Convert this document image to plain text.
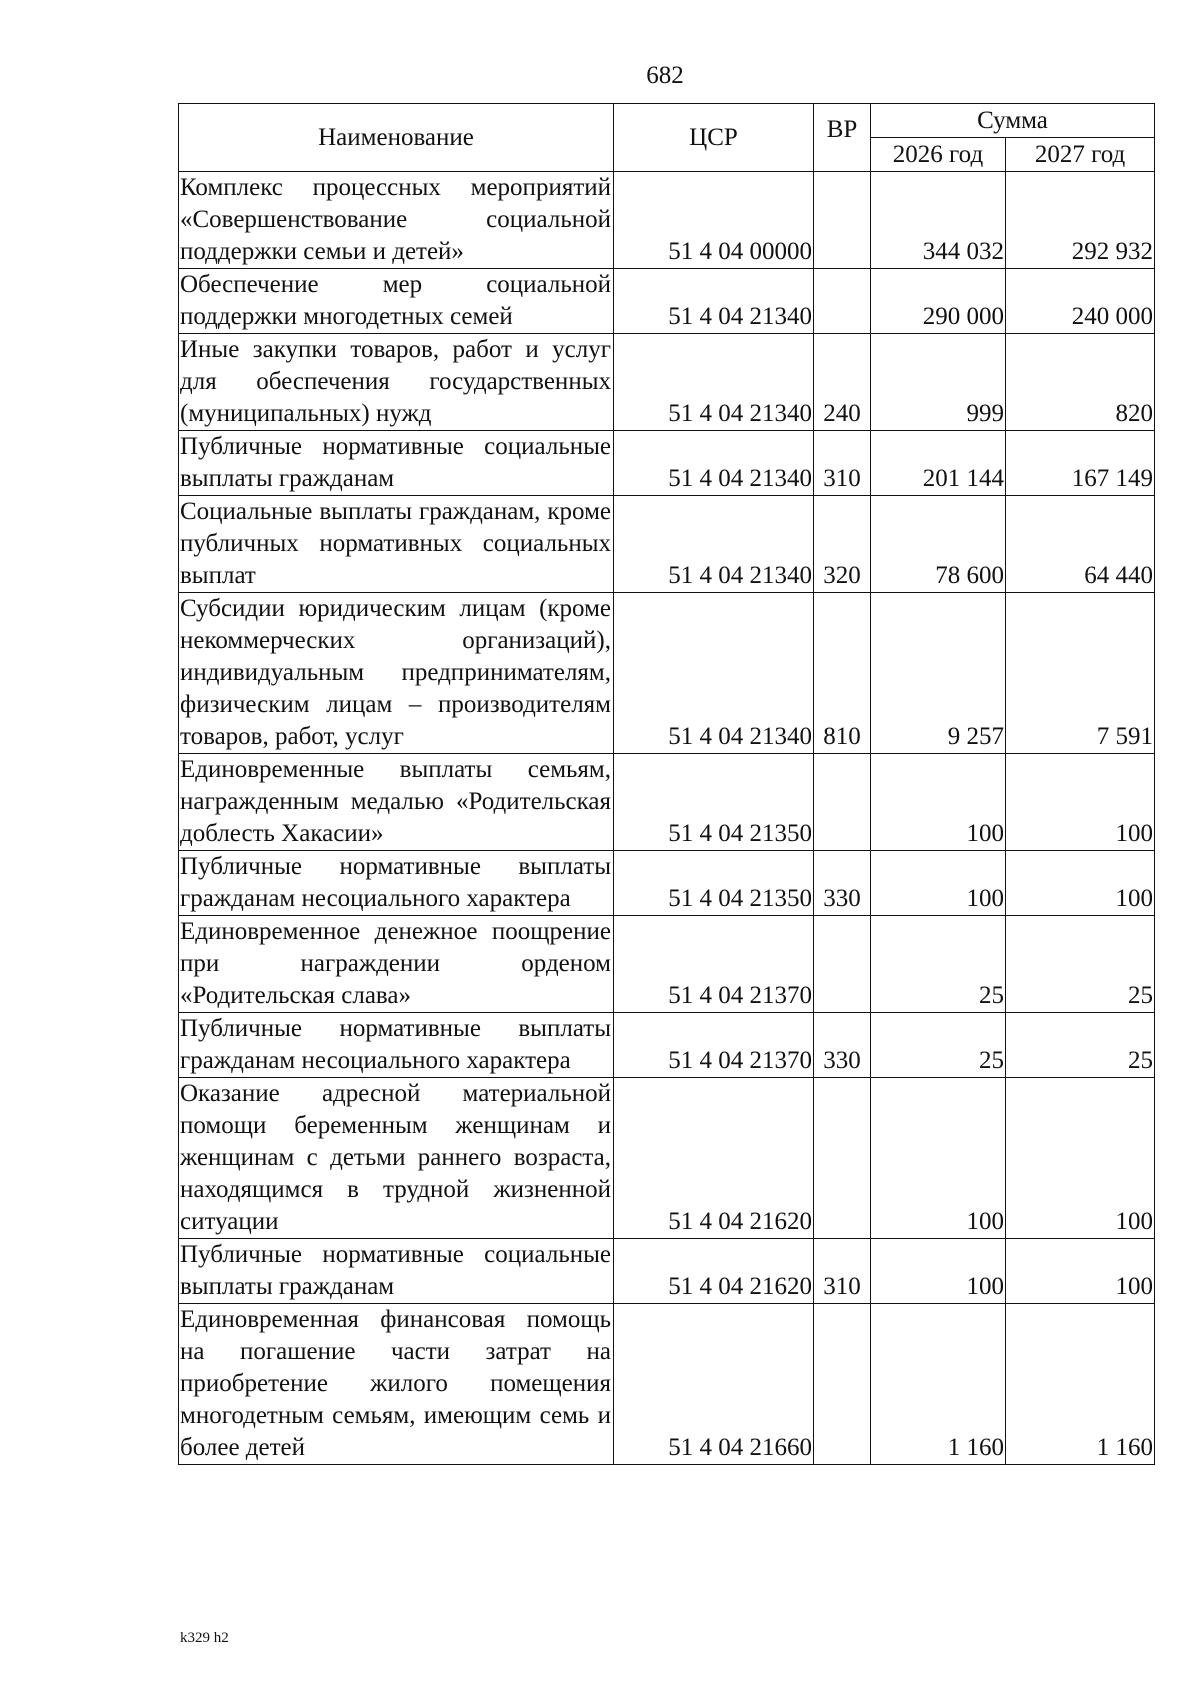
682
Наименование	ЦСР	ВР	Сумма	
			2026 год	2027 год
Комплекс процессных мероприятий «Совершенствование социальной поддержки семьи и детей»	51 4 04 00000		344 032	292 932
Обеспечение мер социальной поддержки многодетных семей	51 4 04 21340		290 000	240 000
Иные закупки товаров, работ и услуг для обеспечения государственных (муниципальных) нужд	51 4 04 21340	240	999	820
Публичные нормативные социальные выплаты гражданам	51 4 04 21340	310	201 144	167 149
Социальные выплаты гражданам, кроме публичных нормативных социальных выплат	51 4 04 21340	320	78 600	64 440
Субсидии юридическим лицам (кроме некоммерческих организаций), индивидуальным предпринимателям, физическим лицам – производителям товаров, работ, услуг	51 4 04 21340	810	9 257	7 591
Единовременные выплаты семьям, награжденным медалью «Родительская доблесть Хакасии»	51 4 04 21350		100	100
Публичные нормативные выплаты гражданам несоциального характера	51 4 04 21350	330	100	100
Единовременное денежное поощрение при награждении орденом «Родительская слава»	51 4 04 21370		25	25
Публичные нормативные выплаты гражданам несоциального характера	51 4 04 21370	330	25	25
Оказание адресной материальной помощи беременным женщинам и женщинам с детьми раннего возраста, находящимся в трудной жизненной ситуации	51 4 04 21620		100	100
Публичные нормативные социальные выплаты гражданам	51 4 04 21620	310	100	100
Единовременная финансовая помощь на погашение части затрат на приобретение жилого помещения многодетным семьям, имеющим семь и более детей	51 4 04 21660		1 160	1 160
k329 h2
